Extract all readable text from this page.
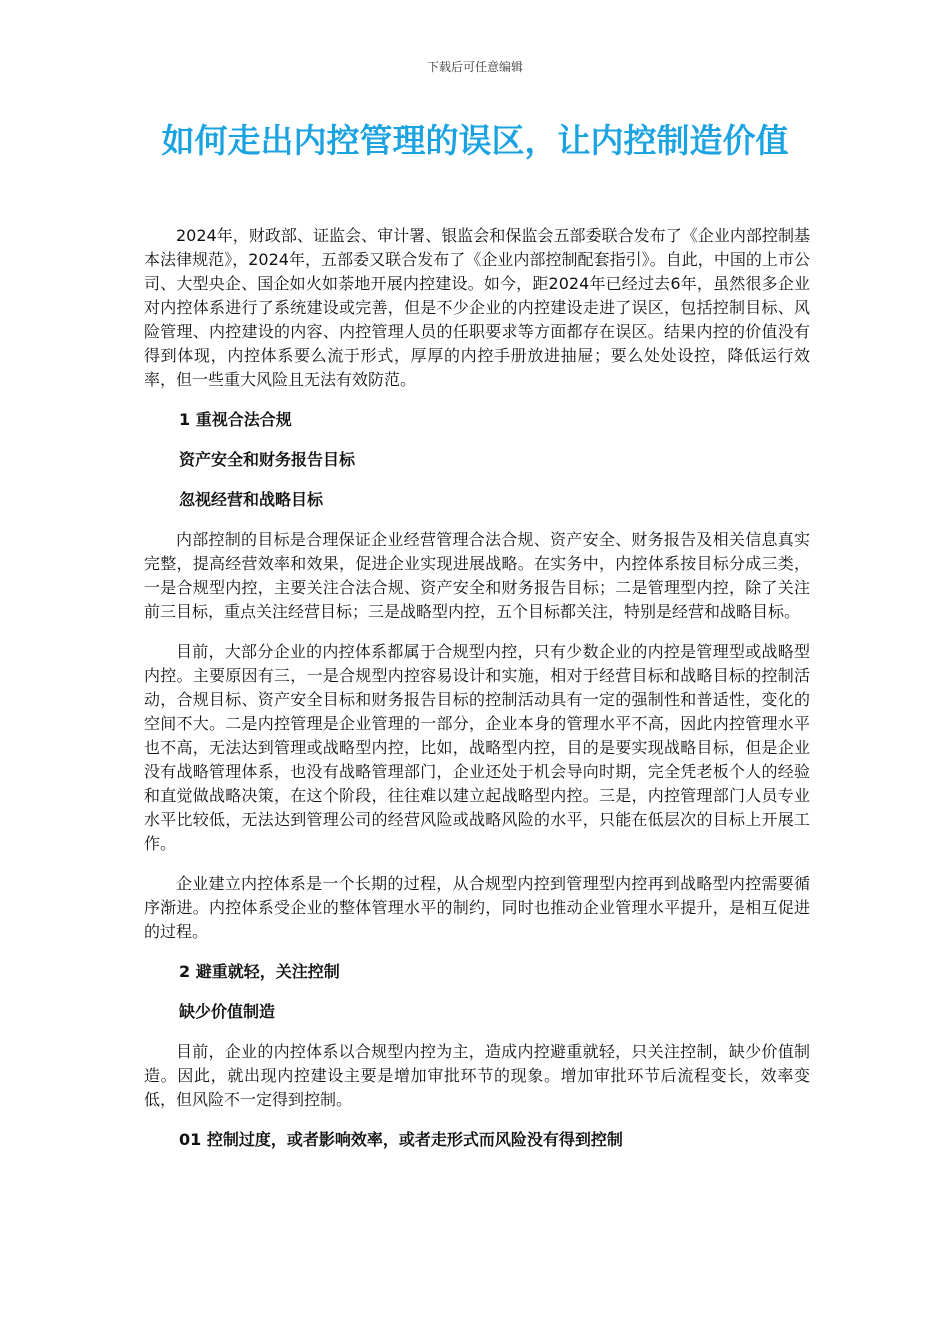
下载后可任意编辑
如何走出内控管理的误区，让内控制造价值

2024年，财政部、证监会、审计署、银监会和保监会五部委联合发布了《企业内部控制基本法律规范》，2024年，五部委又联合发布了《企业内部控制配套指引》。自此，中国的上市公司、大型央企、国企如火如荼地开展内控建设。如今，距2024年已经过去6年，虽然很多企业对内控体系进行了系统建设或完善，但是不少企业的内控建设走进了误区，包括控制目标、风险管理、内控建设的内容、内控管理人员的任职要求等方面都存在误区。结果内控的价值没有得到体现，内控体系要么流于形式，厚厚的内控手册放进抽屉；要么处处设控，降低运行效率，但一些重大风险且无法有效防范。

1 重视合法合规
资产安全和财务报告目标
忽视经营和战略目标

内部控制的目标是合理保证企业经营管理合法合规、资产安全、财务报告及相关信息真实完整，提高经营效率和效果，促进企业实现进展战略。在实务中，内控体系按目标分成三类，一是合规型内控，主要关注合法合规、资产安全和财务报告目标；二是管理型内控，除了关注前三目标，重点关注经营目标；三是战略型内控，五个目标都关注，特别是经营和战略目标。

目前，大部分企业的内控体系都属于合规型内控，只有少数企业的内控是管理型或战略型内控。主要原因有三，一是合规型内控容易设计和实施，相对于经营目标和战略目标的控制活动，合规目标、资产安全目标和财务报告目标的控制活动具有一定的强制性和普适性，变化的空间不大。二是内控管理是企业管理的一部分，企业本身的管理水平不高，因此内控管理水平也不高，无法达到管理或战略型内控，比如，战略型内控，目的是要实现战略目标，但是企业没有战略管理体系，也没有战略管理部门，企业还处于机会导向时期，完全凭老板个人的经验和直觉做战略决策，在这个阶段，往往难以建立起战略型内控。三是，内控管理部门人员专业水平比较低，无法达到管理公司的经营风险或战略风险的水平，只能在低层次的目标上开展工作。

企业建立内控体系是一个长期的过程，从合规型内控到管理型内控再到战略型内控需要循序渐进。内控体系受企业的整体管理水平的制约，同时也推动企业管理水平提升，是相互促进的过程。

2 避重就轻，关注控制
缺少价值制造

目前，企业的内控体系以合规型内控为主，造成内控避重就轻，只关注控制，缺少价值制造。因此，就出现内控建设主要是增加审批环节的现象。增加审批环节后流程变长，效率变低，但风险不一定得到控制。

01 控制过度，或者影响效率，或者走形式而风险没有得到控制
